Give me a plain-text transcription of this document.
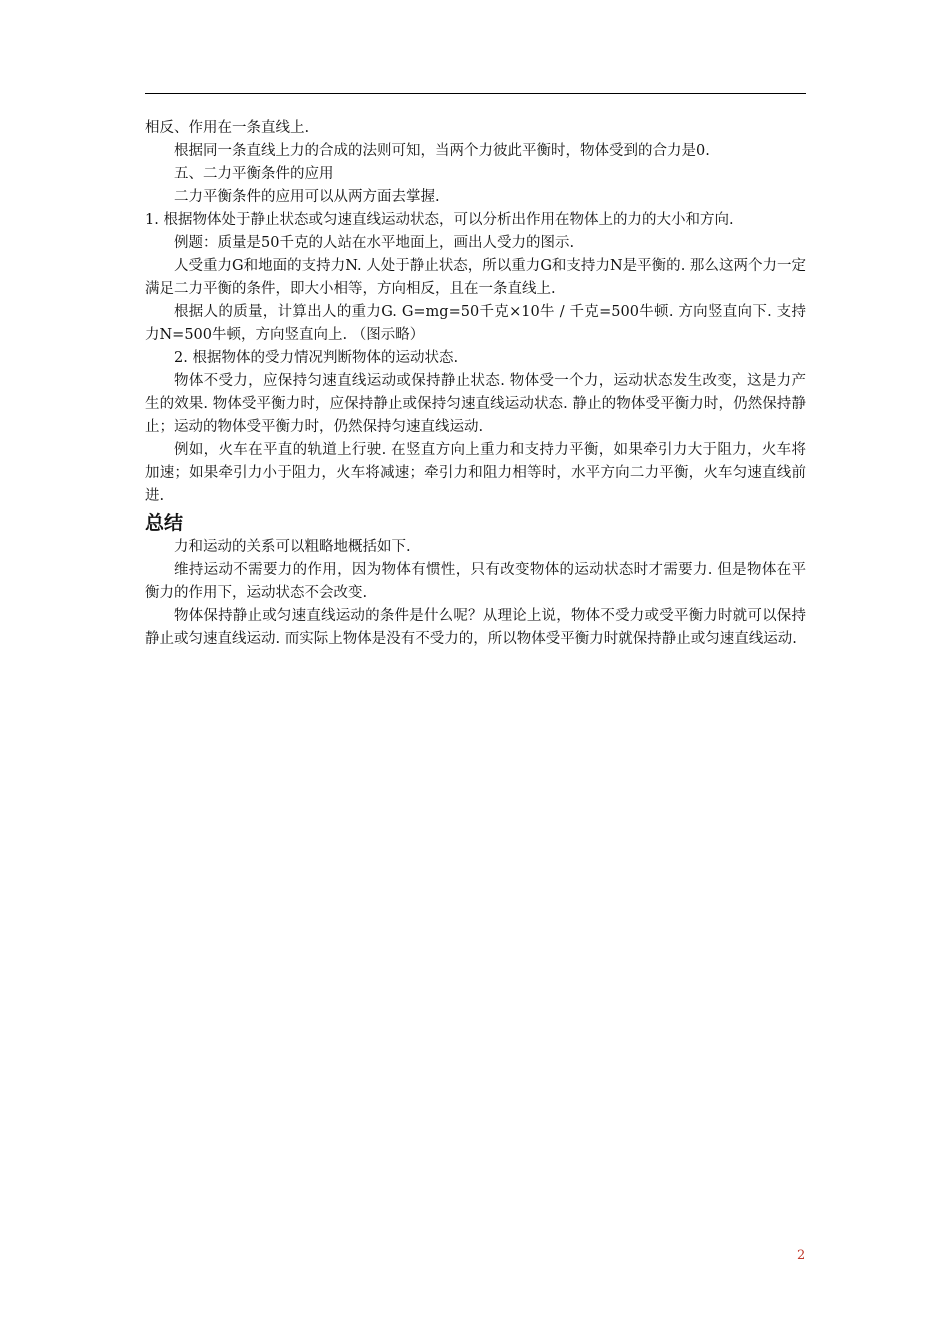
相反、作用在一条直线上.

根据同一条直线上力的合成的法则可知，当两个力彼此平衡时，物体受到的合力是0.

五、二力平衡条件的应用

二力平衡条件的应用可以从两方面去掌握.

1. 根据物体处于静止状态或匀速直线运动状态，可以分析出作用在物体上的力的大小和方向.

例题：质量是50千克的人站在水平地面上，画出人受力的图示.

人受重力G和地面的支持力N. 人处于静止状态，所以重力G和支持力N是平衡的. 那么这两个力一定满足二力平衡的条件，即大小相等，方向相反，且在一条直线上.

根据人的质量，计算出人的重力G. G=mg=50千克×10牛 / 千克=500牛顿. 方向竖直向下. 支持力N=500牛顿，方向竖直向上. （图示略）

2. 根据物体的受力情况判断物体的运动状态.

物体不受力，应保持匀速直线运动或保持静止状态. 物体受一个力，运动状态发生改变，这是力产生的效果. 物体受平衡力时，应保持静止或保持匀速直线运动状态. 静止的物体受平衡力时，仍然保持静止；运动的物体受平衡力时，仍然保持匀速直线运动.

例如，火车在平直的轨道上行驶. 在竖直方向上重力和支持力平衡，如果牵引力大于阻力，火车将加速；如果牵引力小于阻力，火车将减速；牵引力和阻力相等时，水平方向二力平衡，火车匀速直线前进.

总结

力和运动的关系可以粗略地概括如下.

维持运动不需要力的作用，因为物体有惯性，只有改变物体的运动状态时才需要力. 但是物体在平衡力的作用下，运动状态不会改变.

物体保持静止或匀速直线运动的条件是什么呢？从理论上说，物体不受力或受平衡力时就可以保持静止或匀速直线运动. 而实际上物体是没有不受力的，所以物体受平衡力时就保持静止或匀速直线运动.

2
